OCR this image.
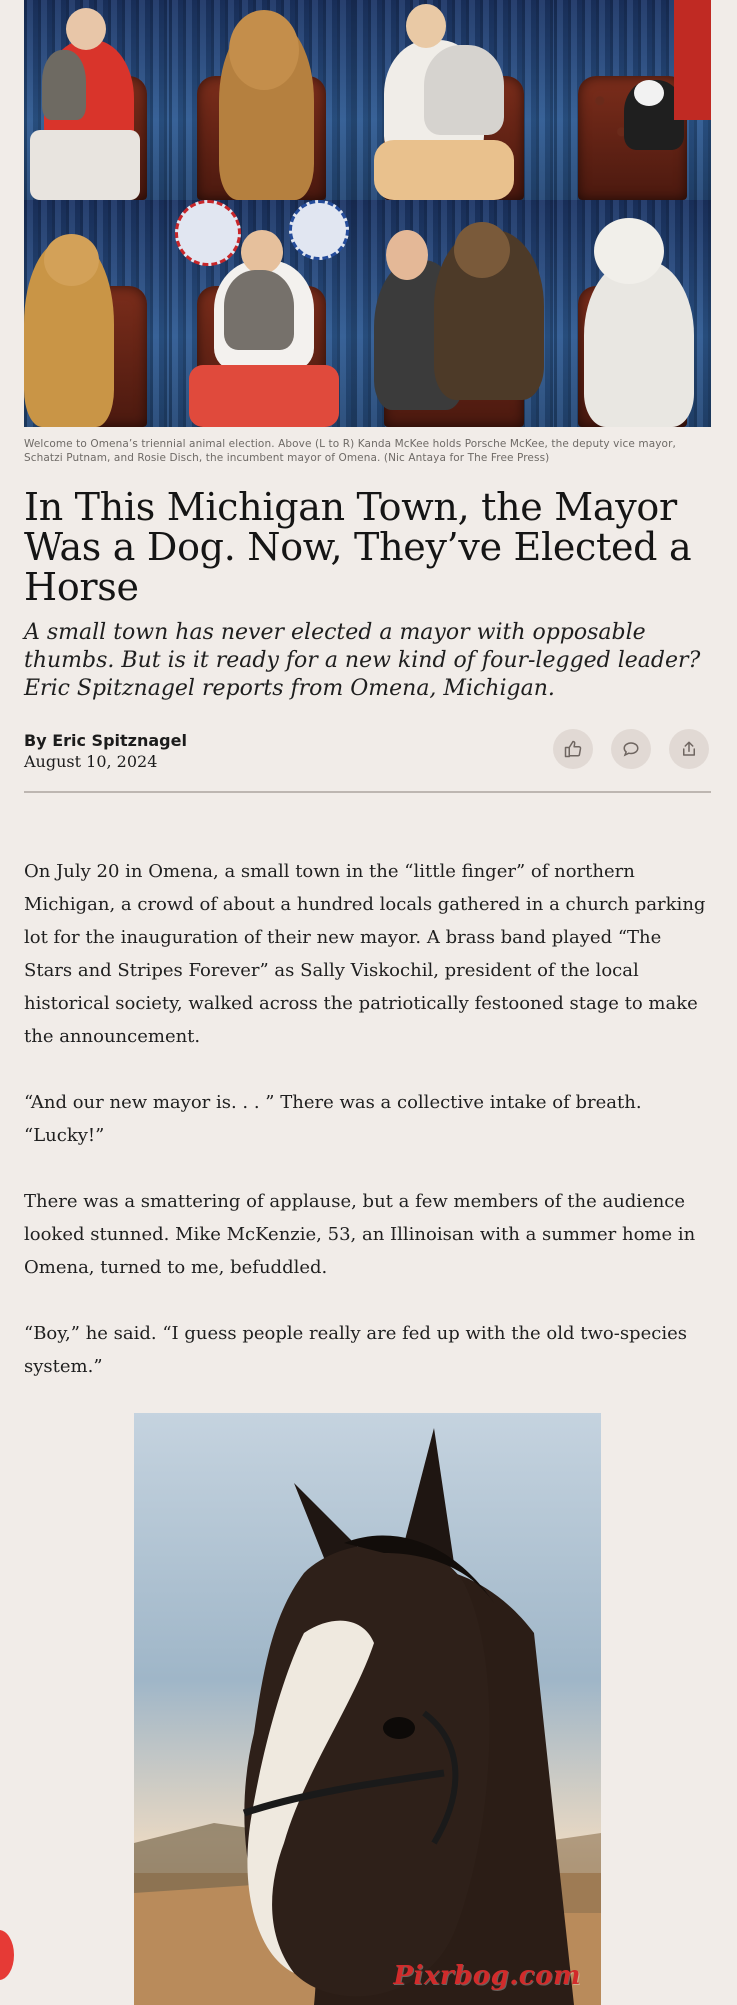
Welcome to Omena’s triennial animal election. Above (L to R) Kanda McKee holds Porsche McKee, the deputy vice mayor, Schatzi Putnam, and Rosie Disch, the incumbent mayor of Omena. (Nic Antaya for The Free Press)

In This Michigan Town, the Mayor Was a Dog. Now, They’ve Elected a Horse

A small town has never elected a mayor with opposable thumbs. But is it ready for a new kind of four-legged leader? Eric Spitznagel reports from Omena, Michigan.

By Eric Spitznagel
August 10, 2024

On July 20 in Omena, a small town in the “little finger” of northern Michigan, a crowd of about a hundred locals gathered in a church parking lot for the inauguration of their new mayor. A brass band played “The Stars and Stripes Forever” as Sally Viskochil, president of the local historical society, walked across the patriotically festooned stage to make the announcement.

“And our new mayor is. . . ” There was a collective intake of breath. “Lucky!”

There was a smattering of applause, but a few members of the audience looked stunned. Mike McKenzie, 53, an Illinoisan with a summer home in Omena, turned to me, befuddled.

“Boy,” he said. “I guess people really are fed up with the old two-species system.”

Pixrbog.com
